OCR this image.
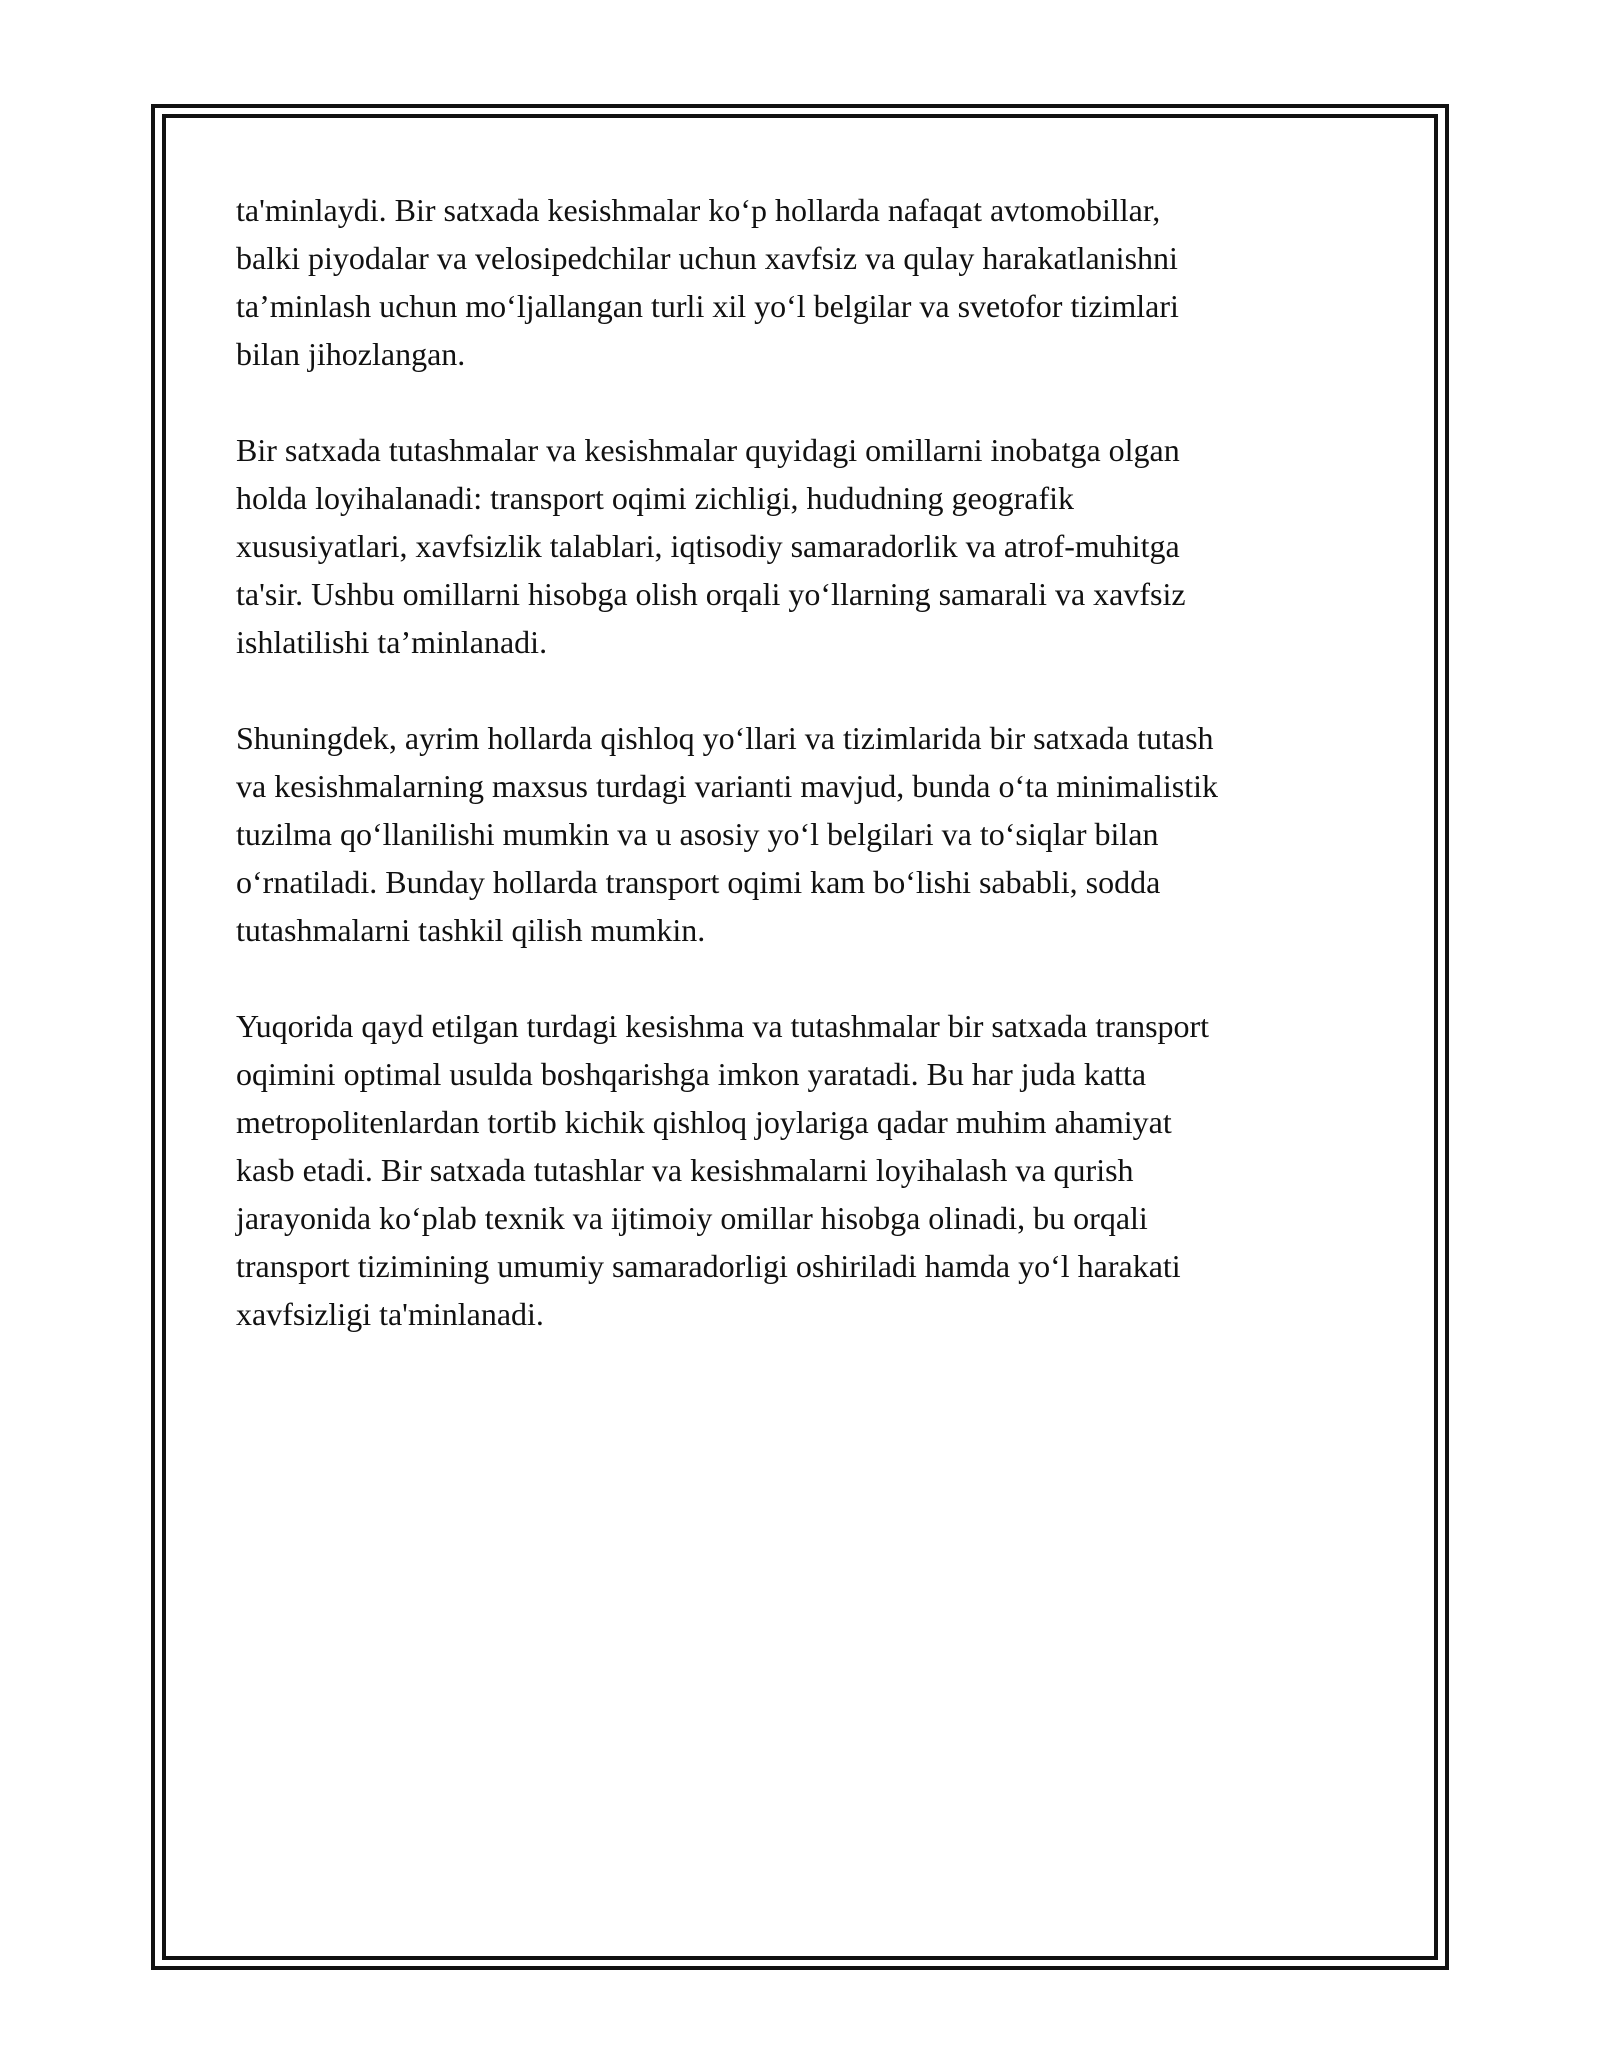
ta'minlaydi. Bir satxada kesishmalar ko‘p hollarda nafaqat avtomobillar,
balki piyodalar va velosipedchilar uchun xavfsiz va qulay harakatlanishni
ta’minlash uchun mo‘ljallangan turli xil yo‘l belgilar va svetofor tizimlari
bilan jihozlangan.

Bir satxada tutashmalar va kesishmalar quyidagi omillarni inobatga olgan
holda loyihalanadi: transport oqimi zichligi, hududning geografik
xususiyatlari, xavfsizlik talablari, iqtisodiy samaradorlik va atrof-muhitga
ta'sir. Ushbu omillarni hisobga olish orqali yo‘llarning samarali va xavfsiz
ishlatilishi ta’minlanadi.

Shuningdek, ayrim hollarda qishloq yo‘llari va tizimlarida bir satxada tutash
va kesishmalarning maxsus turdagi varianti mavjud, bunda o‘ta minimalistik
tuzilma qo‘llanilishi mumkin va u asosiy yo‘l belgilari va to‘siqlar bilan
o‘rnatiladi. Bunday hollarda transport oqimi kam bo‘lishi sababli, sodda
tutashmalarni tashkil qilish mumkin.

Yuqorida qayd etilgan turdagi kesishma va tutashmalar bir satxada transport
oqimini optimal usulda boshqarishga imkon yaratadi. Bu har juda katta
metropolitenlardan tortib kichik qishloq joylariga qadar muhim ahamiyat
kasb etadi. Bir satxada tutashlar va kesishmalarni loyihalash va qurish
jarayonida ko‘plab texnik va ijtimoiy omillar hisobga olinadi, bu orqali
transport tizimining umumiy samaradorligi oshiriladi hamda yo‘l harakati
xavfsizligi ta'minlanadi.
